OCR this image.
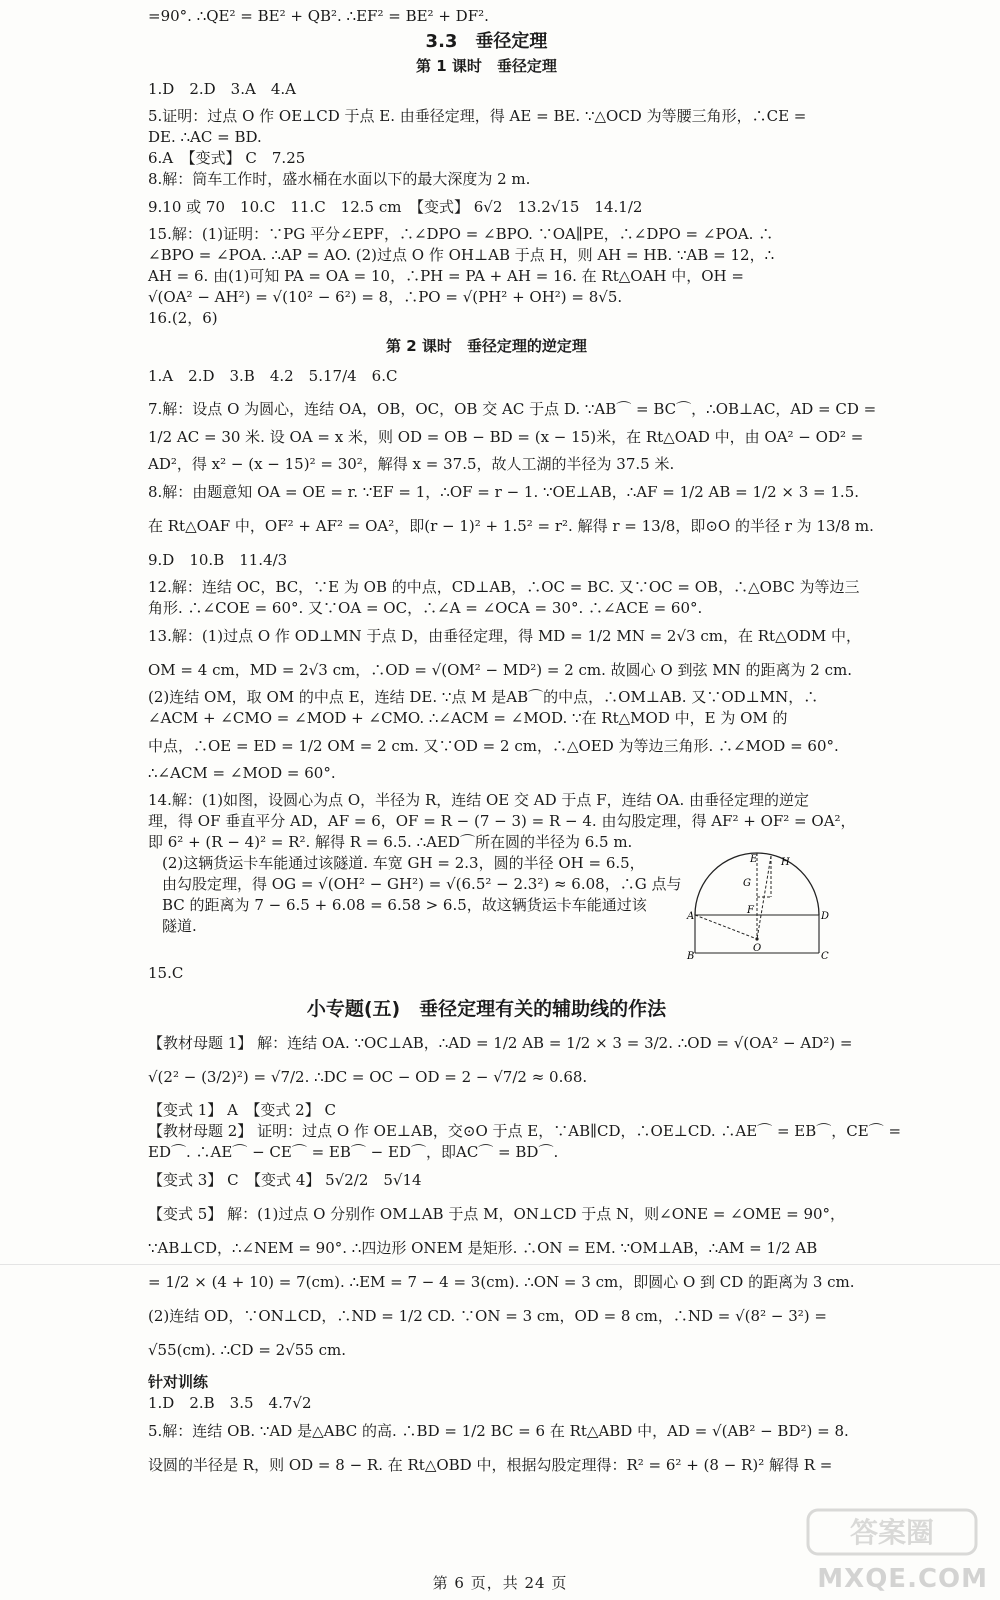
=90°. ∴QE² = BE² + QB². ∴EF² = BE² + DF².

3.3　垂径定理
第 1 课时　垂径定理

1.D　2.D　3.A　4.A

5.证明：过点 O 作 OE⊥CD 于点 E. 由垂径定理，得 AE = BE. ∵△OCD 为等腰三角形，∴CE =

DE. ∴AC = BD.

6.A　【变式】 C　7.25

8.解：筒车工作时，盛水桶在水面以下的最大深度为 2 m.

9.10 或 70　10.C　11.C　12.5 cm　【变式】 6√2　13.2√15　14.1/2

15.解：(1)证明：∵PG 平分∠EPF，∴∠DPO = ∠BPO. ∵OA∥PE，∴∠DPO = ∠POA. ∴

∠BPO = ∠POA. ∴AP = AO. (2)过点 O 作 OH⊥AB 于点 H，则 AH = HB. ∵AB = 12，∴

AH = 6. 由(1)可知 PA = OA = 10，∴PH = PA + AH = 16. 在 Rt△OAH 中，OH =

√(OA² − AH²) = √(10² − 6²) = 8，∴PO = √(PH² + OH²) = 8√5.

16.(2，6)

第 2 课时　垂径定理的逆定理

1.A　2.D　3.B　4.2　5.17/4　6.C

7.解：设点 O 为圆心，连结 OA，OB，OC，OB 交 AC 于点 D. ∵AB⌒ = BC⌒，∴OB⊥AC，AD = CD =

1/2 AC = 30 米. 设 OA = x 米，则 OD = OB − BD = (x − 15)米，在 Rt△OAD 中，由 OA² − OD² =

AD²，得 x² − (x − 15)² = 30²，解得 x = 37.5，故人工湖的半径为 37.5 米.

8.解：由题意知 OA = OE = r. ∵EF = 1，∴OF = r − 1. ∵OE⊥AB，∴AF = 1/2 AB = 1/2 × 3 = 1.5.

在 Rt△OAF 中，OF² + AF² = OA²，即(r − 1)² + 1.5² = r². 解得 r = 13/8，即⊙O 的半径 r 为 13/8 m.

9.D　10.B　11.4/3

12.解：连结 OC，BC，∵E 为 OB 的中点，CD⊥AB，∴OC = BC. 又∵OC = OB，∴△OBC 为等边三

角形. ∴∠COE = 60°. 又∵OA = OC，∴∠A = ∠OCA = 30°. ∴∠ACE = 60°.

13.解：(1)过点 O 作 OD⊥MN 于点 D，由垂径定理，得 MD = 1/2 MN = 2√3 cm，在 Rt△ODM 中，

OM = 4 cm，MD = 2√3 cm，∴OD = √(OM² − MD²) = 2 cm. 故圆心 O 到弦 MN 的距离为 2 cm.

(2)连结 OM，取 OM 的中点 E，连结 DE. ∵点 M 是AB⌒的中点，∴OM⊥AB. 又∵OD⊥MN，∴

∠ACM + ∠CMO = ∠MOD + ∠CMO. ∴∠ACM = ∠MOD. ∵在 Rt△MOD 中，E 为 OM 的

中点，∴OE = ED = 1/2 OM = 2 cm. 又∵OD = 2 cm，∴△OED 为等边三角形. ∴∠MOD = 60°.

∴∠ACM = ∠MOD = 60°.

14.解：(1)如图，设圆心为点 O，半径为 R，连结 OE 交 AD 于点 F，连结 OA. 由垂径定理的逆定

理，得 OF 垂直平分 AD，AF = 6，OF = R − (7 − 3) = R − 4. 由勾股定理，得 AF² + OF² = OA²，

即 6² + (R − 4)² = R². 解得 R = 6.5. ∴AED⌒所在圆的半径为 6.5 m.

(2)这辆货运卡车能通过该隧道. 车宽 GH = 2.3，圆的半径 OH = 6.5，

由勾股定理，得 OG = √(OH² − GH²) = √(6.5² − 2.3²) ≈ 6.08，∴G 点与

BC 的距离为 7 − 6.5 + 6.08 = 6.58 > 6.5，故这辆货运卡车能通过该

隧道.

E H
G
F
A	D
B
O
C

15.C

小专题(五)　垂径定理有关的辅助线的作法

【教材母题 1】 解：连结 OA. ∵OC⊥AB，∴AD = 1/2 AB = 1/2 × 3 = 3/2. ∴OD = √(OA² − AD²) =

√(2² − (3/2)²) = √7/2. ∴DC = OC − OD = 2 − √7/2 ≈ 0.68.

【变式 1】 A　【变式 2】 C

【教材母题 2】 证明：过点 O 作 OE⊥AB，交⊙O 于点 E，∵AB∥CD，∴OE⊥CD. ∴AE⌒ = EB⌒，CE⌒ =

ED⌒. ∴AE⌒ − CE⌒ = EB⌒ − ED⌒，即AC⌒ = BD⌒.

【变式 3】 C　【变式 4】 5√2/2　5√14

【变式 5】 解：(1)过点 O 分别作 OM⊥AB 于点 M，ON⊥CD 于点 N，则∠ONE = ∠OME = 90°，

∵AB⊥CD，∴∠NEM = 90°. ∴四边形 ONEM 是矩形. ∴ON = EM. ∵OM⊥AB，∴AM = 1/2 AB

= 1/2 × (4 + 10) = 7(cm). ∴EM = 7 − 4 = 3(cm). ∴ON = 3 cm，即圆心 O 到 CD 的距离为 3 cm.

(2)连结 OD，∵ON⊥CD，∴ND = 1/2 CD. ∵ON = 3 cm，OD = 8 cm，∴ND = √(8² − 3²) =

√55(cm). ∴CD = 2√55 cm.

针对训练

1.D　2.B　3.5　4.7√2

5.解：连结 OB. ∵AD 是△ABC 的高. ∴BD = 1/2 BC = 6 在 Rt△ABD 中，AD = √(AB² − BD²) = 8.

设圆的半径是 R，则 OD = 8 − R. 在 Rt△OBD 中，根据勾股定理得：R² = 6² + (8 − R)² 解得 R =

第 6 页，共 24 页
答案圈
MXQE.COM
